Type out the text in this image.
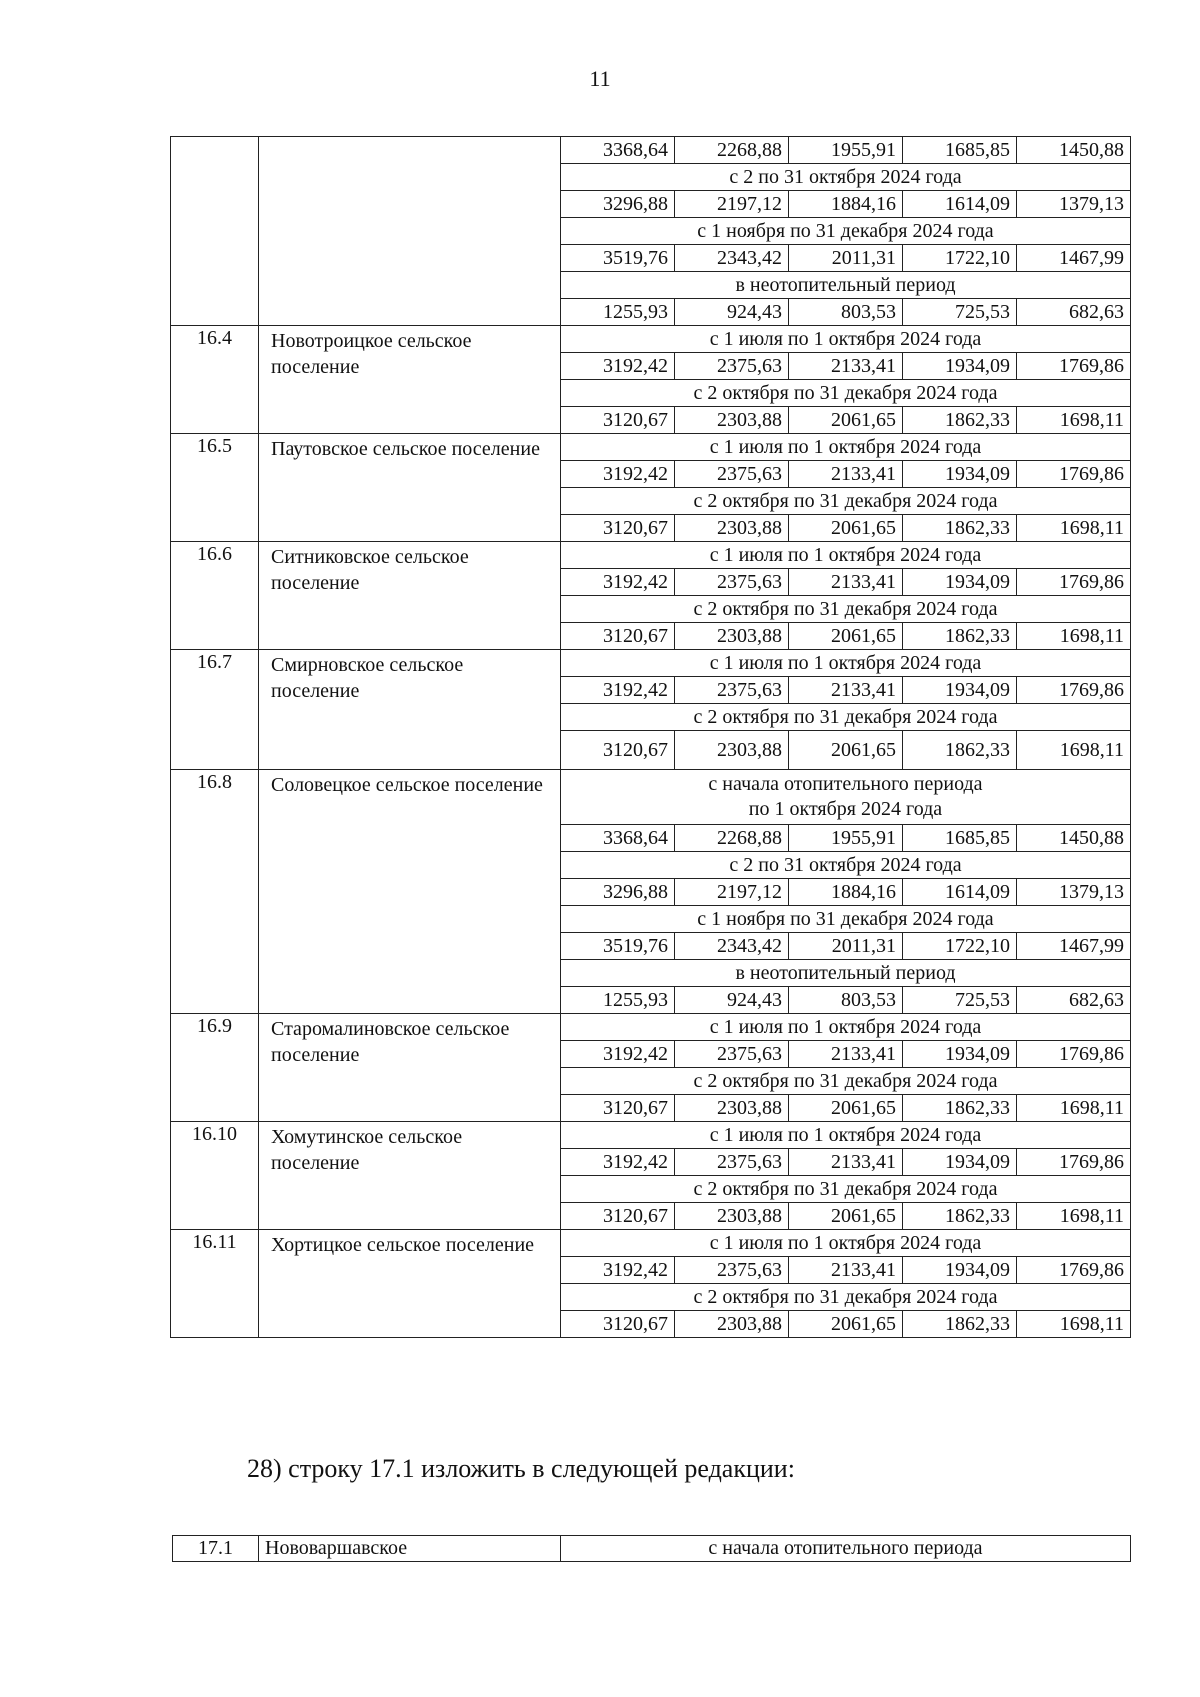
11
		3368,64	2268,88	1955,91	1685,85	1450,88
		с 2 по 31 октября 2024 года				
		3296,88	2197,12	1884,16	1614,09	1379,13
		с 1 ноября по 31 декабря 2024 года				
		3519,76	2343,42	2011,31	1722,10	1467,99
		в неотопительный период				
		1255,93	924,43	803,53	725,53	682,63
16.4	Новотроицкое сельское поселение	с 1 июля по 1 октября 2024 года				
		3192,42	2375,63	2133,41	1934,09	1769,86
		с 2 октября по 31 декабря 2024 года				
		3120,67	2303,88	2061,65	1862,33	1698,11
16.5	Паутовское сельское поселение	с 1 июля по 1 октября 2024 года				
		3192,42	2375,63	2133,41	1934,09	1769,86
		с 2 октября по 31 декабря 2024 года				
		3120,67	2303,88	2061,65	1862,33	1698,11
16.6	Ситниковское сельское поселение	с 1 июля по 1 октября 2024 года				
		3192,42	2375,63	2133,41	1934,09	1769,86
		с 2 октября по 31 декабря 2024 года				
		3120,67	2303,88	2061,65	1862,33	1698,11
16.7	Смирновское сельское поселение	с 1 июля по 1 октября 2024 года				
		3192,42	2375,63	2133,41	1934,09	1769,86
		с 2 октября по 31 декабря 2024 года				
		3120,67	2303,88	2061,65	1862,33	1698,11
16.8	Соловецкое сельское поселение	с начала отопительного периода
по 1 октября 2024 года				

		3368,64	2268,88	1955,91	1685,85	1450,88
		с 2 по 31 октября 2024 года				
		3296,88	2197,12	1884,16	1614,09	1379,13
		с 1 ноября по 31 декабря 2024 года				
		3519,76	2343,42	2011,31	1722,10	1467,99
		в неотопительный период				
		1255,93	924,43	803,53	725,53	682,63
16.9	Старомалиновское сельское поселение	с 1 июля по 1 октября 2024 года				
		3192,42	2375,63	2133,41	1934,09	1769,86
		с 2 октября по 31 декабря 2024 года				
		3120,67	2303,88	2061,65	1862,33	1698,11
16.10	Хомутинское сельское поселение	с 1 июля по 1 октября 2024 года				
		3192,42	2375,63	2133,41	1934,09	1769,86
		с 2 октября по 31 декабря 2024 года				
		3120,67	2303,88	2061,65	1862,33	1698,11
16.11	Хортицкое сельское поселение	с 1 июля по 1 октября 2024 года				
		3192,42	2375,63	2133,41	1934,09	1769,86
		с 2 октября по 31 декабря 2024 года				
		3120,67	2303,88	2061,65	1862,33	1698,11
28) строку 17.1 изложить в следующей редакции:
17.1	Нововаршавское	с начала отопительного периода
